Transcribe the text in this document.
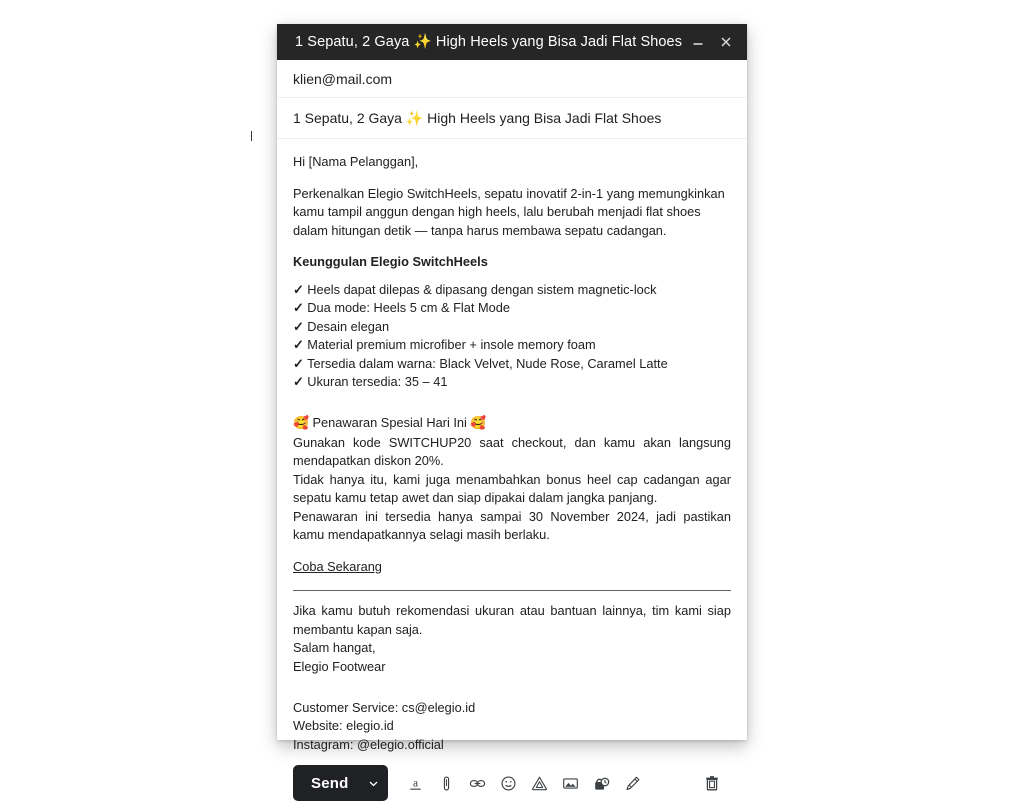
1 Sepatu, 2 Gaya ✨ High Heels yang Bisa Jadi Flat Shoes
klien@mail.com
1 Sepatu, 2 Gaya ✨ High Heels yang Bisa Jadi Flat Shoes

Hi [Nama Pelanggan],

Perkenalkan Elegio SwitchHeels, sepatu inovatif 2-in-1 yang memungkinkan kamu tampil anggun dengan high heels, lalu berubah menjadi flat shoes dalam hitungan detik — tanpa harus membawa sepatu cadangan.

Keunggulan Elegio SwitchHeels

✓ Heels dapat dilepas & dipasang dengan sistem magnetic-lock

✓ Dua mode: Heels 5 cm & Flat Mode

✓ Desain elegan

✓ Material premium microfiber + insole memory foam

✓ Tersedia dalam warna: Black Velvet, Nude Rose, Caramel Latte

✓ Ukuran tersedia: 35 – 41

🥰 Penawaran Spesial Hari Ini 🥰

Gunakan kode SWITCHUP20 saat checkout, dan kamu akan langsung mendapatkan diskon 20%.

Tidak hanya itu, kami juga menambahkan bonus heel cap cadangan agar sepatu kamu tetap awet dan siap dipakai dalam jangka panjang.

Penawaran ini tersedia hanya sampai 30 November 2024, jadi pastikan kamu mendapatkannya selagi masih berlaku.

Coba Sekarang

Jika kamu butuh rekomendasi ukuran atau bantuan lainnya, tim kami siap membantu kapan saja.

Salam hangat,

Elegio Footwear

Customer Service: cs@elegio.id

Website: elegio.id

Instagram: @elegio.official

Send	a
